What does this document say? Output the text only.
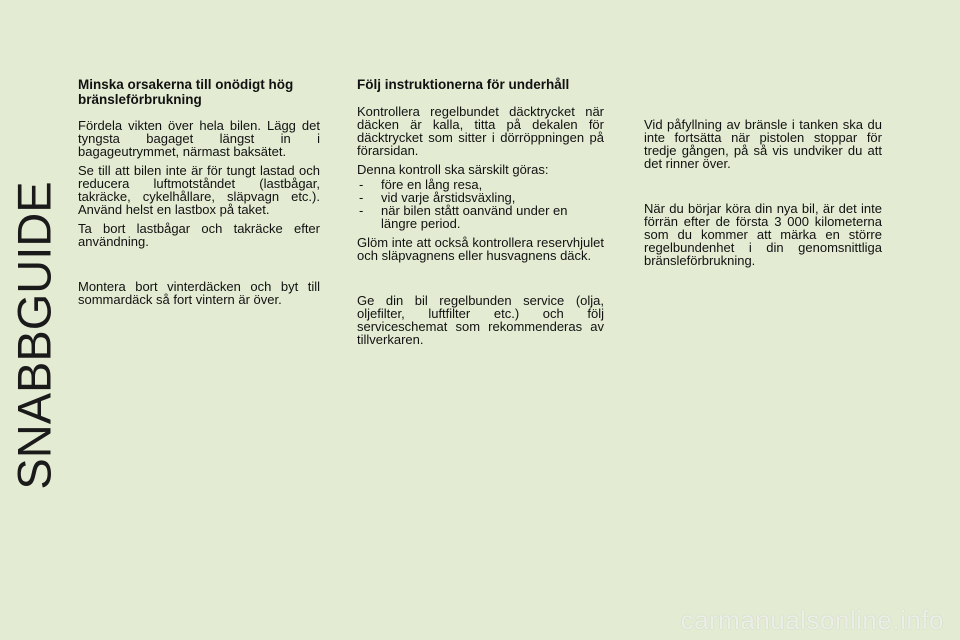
SNABBGUIDE
Minska orsakerna till onödigt hög bränsleförbrukning

Fördela vikten över hela bilen. Lägg det tyngsta bagaget längst in i bagageutrymmet, närmast baksätet.

Se till att bilen inte är för tungt lastad och reducera luftmotståndet (lastbågar, takräcke, cykelhållare, släpvagn etc.). Använd helst en lastbox på taket.

Ta bort lastbågar och takräcke efter användning.

Montera bort vinterdäcken och byt till sommardäck så fort vintern är över.

Följ instruktionerna för underhåll

Kontrollera regelbundet däcktrycket när däcken är kalla, titta på dekalen för däcktrycket som sitter i dörröppningen på förarsidan.

Denna kontroll ska särskilt göras:

- före en lång resa,
- vid varje årstidsväxling,
- när bilen stått oanvänd under en längre period.

Glöm inte att också kontrollera reservhjulet och släpvagnens eller husvagnens däck.

Ge din bil regelbunden service (olja, oljefilter, luftfilter etc.) och följ serviceschemat som rekommenderas av tillverkaren.

Vid påfyllning av bränsle i tanken ska du inte fortsätta när pistolen stoppar för tredje gången, på så vis undviker du att det rinner över.

När du börjar köra din nya bil, är det inte förrän efter de första 3 000 kilometerna som du kommer att märka en större regelbundenhet i din genomsnittliga bränsleförbrukning.

carmanualsonline.info
